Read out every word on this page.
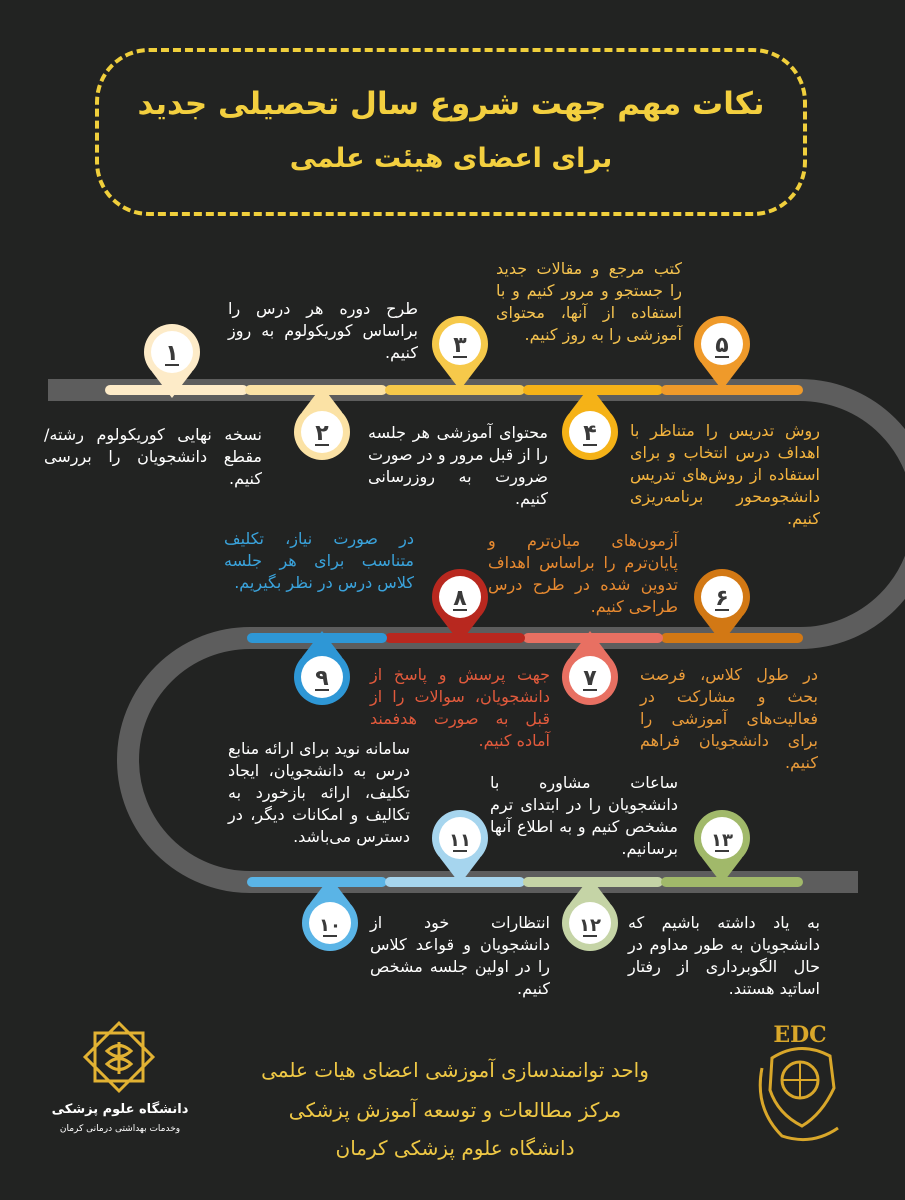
نکات مهم جهت شروع سال تحصیلی جدید
برای اعضای هیئت علمی
۱
۲
۳
۴
۵
۶
۷
۸
۹
۱۰
۱۱
۱۲
۱۳
نسخه نهایی کوریکولوم رشته/مقطع دانشجویان را بررسی کنیم.
طرح دوره هر درس را براساس کوریکولوم به روز کنیم.
محتوای آموزشی هر جلسه را از قبل مرور و در صورت ضرورت به روزرسانی کنیم.
کتب مرجع و مقالات جدید را جستجو و مرور کنیم و با استفاده از آنها، محتوای آموزشی را به روز کنیم.
روش تدریس را متناظر با اهداف درس انتخاب و برای استفاده از روش‌های تدریس دانشجومحور برنامه‌ریزی کنیم.
آزمون‌های میان‌ترم و پایان‌ترم را براساس اهداف تدوین شده در طرح درس طراحی کنیم.
در صورت نیاز، تکلیف متناسب برای هر جلسه کلاس درس در نظر بگیریم.
در طول کلاس، فرصت بحث و مشارکت در فعالیت‌های آموزشی را برای دانشجویان فراهم کنیم.
جهت پرسش و پاسخ از دانشجویان، سوالات را از قبل به صورت هدفمند آماده کنیم.
سامانه نوید برای ارائه منابع درس به دانشجویان، ایجاد تکلیف، ارائه بازخورد به تکالیف و امکانات دیگر، در دسترس می‌باشد.
ساعات مشاوره با دانشجویان را در ابتدای ترم مشخص کنیم و به اطلاع آنها برسانیم.
انتظارات خود از دانشجویان و قواعد کلاس را در اولین جلسه مشخص کنیم.
به یاد داشته باشیم که دانشجویان به طور مداوم در حال الگوبرداری از رفتار اساتید هستند.
دانشگاه علوم پزشکی
وخدمات بهداشتی درمانی کرمان
واحد توانمندسازی آموزشی اعضای هیات علمی
مرکز مطالعات و توسعه آموزش پزشکی
دانشگاه علوم پزشکی کرمان
EDC
